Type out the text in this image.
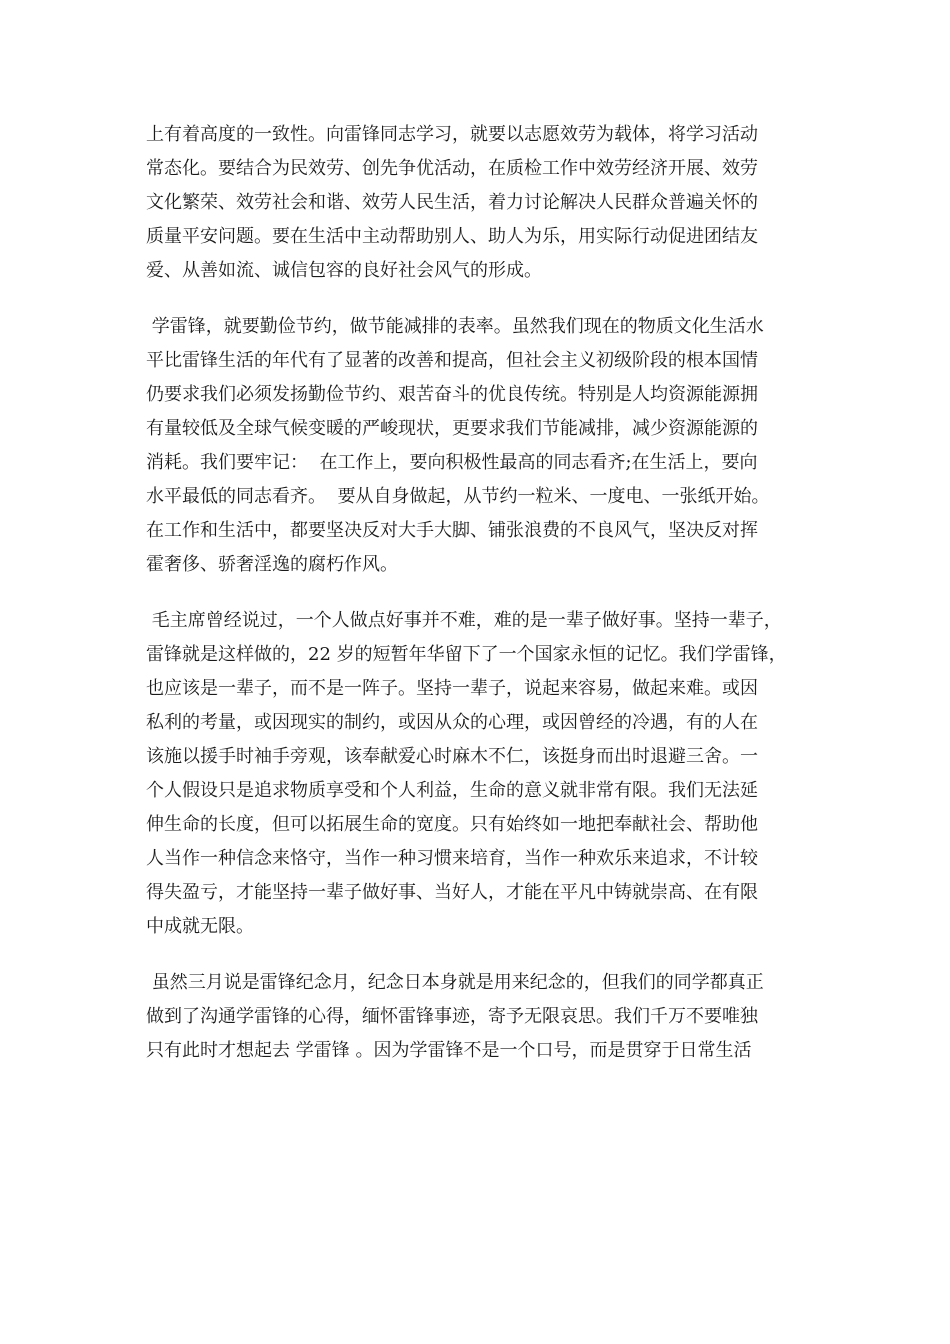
上有着高度的一致性。向雷锋同志学习，就要以志愿效劳为载体，将学习活动
常态化。要结合为民效劳、创先争优活动，在质检工作中效劳经济开展、效劳
文化繁荣、效劳社会和谐、效劳人民生活，着力讨论解决人民群众普遍关怀的
质量平安问题。要在生活中主动帮助别人、助人为乐，用实际行动促进团结友
爱、从善如流、诚信包容的良好社会风气的形成。
学雷锋，就要勤俭节约，做节能减排的表率。虽然我们现在的物质文化生活水
平比雷锋生活的年代有了显著的改善和提高，但社会主义初级阶段的根本国情
仍要求我们必须发扬勤俭节约、艰苦奋斗的优良传统。特别是人均资源能源拥
有量较低及全球气候变暖的严峻现状，更要求我们节能减排，减少资源能源的
消耗。我们要牢记：  在工作上，要向积极性最高的同志看齐;在生活上，要向
水平最低的同志看齐。  要从自身做起，从节约一粒米、一度电、一张纸开始。
在工作和生活中，都要坚决反对大手大脚、铺张浪费的不良风气，坚决反对挥
霍奢侈、骄奢淫逸的腐朽作风。
毛主席曾经说过，一个人做点好事并不难，难的是一辈子做好事。坚持一辈子，
雷锋就是这样做的，22 岁的短暂年华留下了一个国家永恒的记忆。我们学雷锋，
也应该是一辈子，而不是一阵子。坚持一辈子，说起来容易，做起来难。或因
私利的考量，或因现实的制约，或因从众的心理，或因曾经的冷遇，有的人在
该施以援手时袖手旁观，该奉献爱心时麻木不仁，该挺身而出时退避三舍。一
个人假设只是追求物质享受和个人利益，生命的意义就非常有限。我们无法延
伸生命的长度，但可以拓展生命的宽度。只有始终如一地把奉献社会、帮助他
人当作一种信念来恪守，当作一种习惯来培育，当作一种欢乐来追求，不计较
得失盈亏，才能坚持一辈子做好事、当好人，才能在平凡中铸就崇高、在有限
中成就无限。
虽然三月说是雷锋纪念月，纪念日本身就是用来纪念的，但我们的同学都真正
做到了沟通学雷锋的心得，缅怀雷锋事迹，寄予无限哀思。我们千万不要唯独
只有此时才想起去 学雷锋 。因为学雷锋不是一个口号，而是贯穿于日常生活
